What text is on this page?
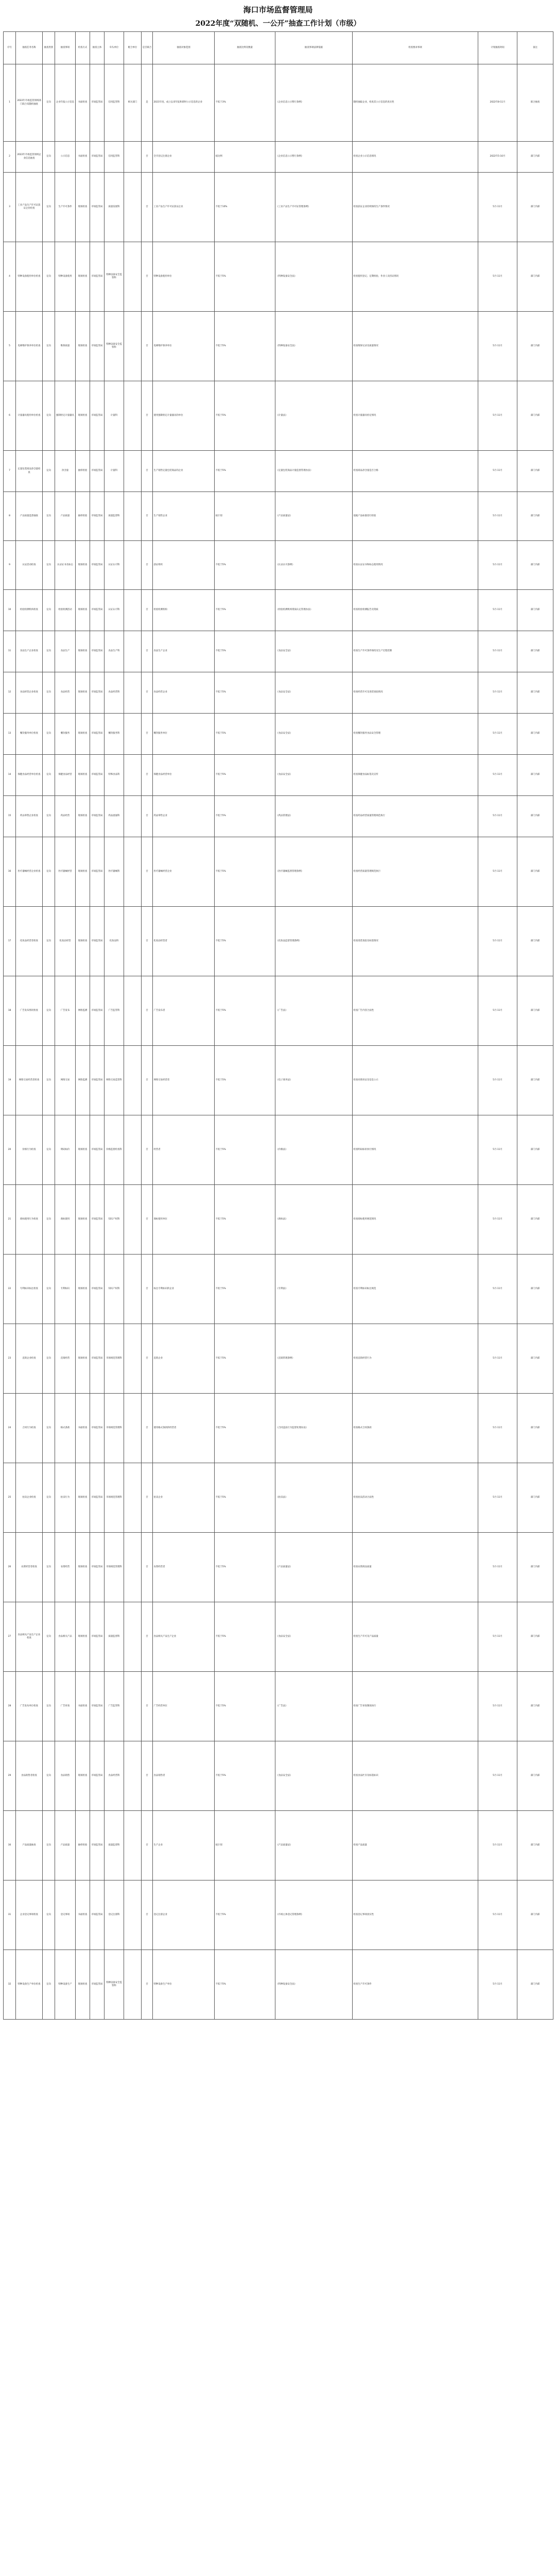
海口市场监督管理局
2022年度“双随机、一公开”抽查工作计划（市级）
序号	抽查任务名称	抽查类别	抽查事项	检查方式	抽查主体	牵头单位	配合单位	是否联合	抽查对象范围	抽查比例及数量	抽查事项法律依据	检查要求事项	计划抽查时间	备注
1	2022年市场监管领域部门联合双随机抽查	定向	企业年报公示信息	书面检查	市场监管局	信用监管科	相关部门	是	2021年度、成立以来年报和即时公示信息的企业	不低于3%	《企业信息公示暂行条例》	随机抽取企业，检查其公示信息的真实性	2022年8-11月	联合抽查
2	2022年市场监管领域企业信息抽查	定向	公示信息	书面检查	市场监管局	信用监管科		否	全市登记注册企业	按比例	《企业信息公示暂行条例》	检查企业公示信息情况	2022年5-10月	部门内部
3	工业产品生产许可证获证企业检查	定向	生产许可条件	现场检查	市场监管局	质量发展科		否	工业产品生产许可证获证企业	不低于10%	《工业产品生产许可证管理条例》	检查获证企业持续保持生产条件情况	5月-11月	部门内部
4	特种设备使用单位检查	定向	特种设备使用	现场检查	市场监管局	特种设备安全监察科		否	特种设备使用单位	不低于5%	《特种设备安全法》	检查使用登记、定期检验、作业人员持证情况	5月-11月	部门内部
5	电梯维护保养单位检查	定向	维保质量	现场检查	市场监管局	特种设备安全监察科		否	电梯维护保养单位	不低于5%	《特种设备安全法》	检查维保记录及质量情况	5月-11月	部门内部
6	计量器具使用单位检查	定向	强制检定计量器具	现场检查	市场监管局	计量科		否	使用强制检定计量器具的单位	不低于5%	《计量法》	检查计量器具检定情况	5月-11月	部门内部
7	定量包装商品净含量检查	定向	净含量	抽样检验	市场监管局	计量科		否	生产销售定量包装商品的企业	不低于5%	《定量包装商品计量监督管理办法》	检查商品净含量是否合格	5月-11月	部门内部
8	产品质量监督抽查	定向	产品质量	抽样检验	市场监管局	质量监督科		否	生产销售企业	按计划	《产品质量法》	依据产品标准进行检验	5月-11月	部门内部
9	认证活动检查	定向	认证证书及标志	现场检查	市场监管局	认证认可科		否	获证组织	不低于5%	《认证认可条例》	检查认证证书和标志使用情况	5月-11月	部门内部
10	检验检测机构检查	定向	检验检测活动	现场检查	市场监管局	认证认可科		否	检验检测机构	不低于5%	《检验检测机构资质认定管理办法》	检查检验检测报告及资质	5月-11月	部门内部
11	食品生产企业检查	定向	食品生产	现场检查	市场监管局	食品生产科		否	食品生产企业	不低于5%	《食品安全法》	检查生产许可条件保持及生产过程控制	5月-11月	部门内部
12	食品经营企业检查	定向	食品经营	现场检查	市场监管局	食品经营科		否	食品经营企业	不低于5%	《食品安全法》	检查经营许可及进货查验情况	5月-11月	部门内部
13	餐饮服务单位检查	定向	餐饮服务	现场检查	市场监管局	餐饮服务科		否	餐饮服务单位	不低于5%	《食品安全法》	检查餐饮服务食品安全管理	5月-11月	部门内部
14	保健食品经营单位检查	定向	保健食品经营	现场检查	市场监管局	特殊食品科		否	保健食品经营单位	不低于5%	《食品安全法》	检查保健食品标签及宣传	5月-11月	部门内部
15	药品零售企业检查	定向	药品经营	现场检查	市场监管局	药品流通科		否	药品零售企业	不低于5%	《药品管理法》	检查药品经营质量管理规范执行	5月-11月	部门内部
16	医疗器械经营企业检查	定向	医疗器械经营	现场检查	市场监管局	医疗器械科		否	医疗器械经营企业	不低于5%	《医疗器械监督管理条例》	检查经营质量管理规范执行	5月-11月	部门内部
17	化妆品经营者检查	定向	化妆品经营	现场检查	市场监管局	化妆品科		否	化妆品经营者	不低于5%	《化妆品监督管理条例》	检查进货查验及标签情况	5月-11月	部门内部
18	广告发布情况检查	定向	广告发布	网络监测	市场监管局	广告监管科		否	广告发布者	不低于5%	《广告法》	检查广告内容合法性	5月-11月	部门内部
19	网络交易经营者检查	定向	网络交易	网络监测	市场监管局	网络交易监管科		否	网络交易经营者	不低于5%	《电子商务法》	检查亮照亮证及信息公示	5月-11月	部门内部
20	价格行为检查	定向	明码标价	现场检查	市场监管局	价格监督检查科		否	经营者	不低于5%	《价格法》	检查明码标价执行情况	5月-11月	部门内部
21	商标使用行为检查	定向	商标使用	现场检查	市场监管局	知识产权科		否	商标使用单位	不低于5%	《商标法》	检查商标使用规范情况	5月-11月	部门内部
22	专利标识标注检查	定向	专利标识	现场检查	市场监管局	知识产权科		否	标注专利标识的企业	不低于5%	《专利法》	检查专利标识标注规范	5月-11月	部门内部
23	直销企业检查	定向	直销经营	现场检查	市场监管局	市场规范管理科		否	直销企业	不低于5%	《直销管理条例》	检查直销经营行为	5月-11月	部门内部
24	合同行为检查	定向	格式条款	书面检查	市场监管局	市场规范管理科		否	使用格式条款的经营者	不低于5%	《合同违法行为监督处理办法》	检查格式合同条款	5月-11月	部门内部
25	拍卖企业检查	定向	拍卖行为	现场检查	市场监管局	市场规范管理科		否	拍卖企业	不低于5%	《拍卖法》	检查拍卖活动合法性	5月-11月	部门内部
26	农资经营者检查	定向	农资经营	现场检查	市场监管局	市场规范管理科		否	农资经营者	不低于5%	《产品质量法》	检查农资商品质量	5月-11月	部门内部
27	食品相关产品生产企业检查	定向	食品相关产品	现场检查	市场监管局	质量监督科		否	食品相关产品生产企业	不低于5%	《食品安全法》	检查生产许可及产品质量	5月-11月	部门内部
28	广告发布单位检查	定向	广告审查	书面检查	市场监管局	广告监管科		否	广告经营单位	不低于5%	《广告法》	检查广告审查制度执行	5月-11月	部门内部
29	食品销售者检查	定向	食品销售	现场检查	市场监管局	食品经营科		否	食品销售者	不低于5%	《食品安全法》	检查食品贮存及标签标识	5月-11月	部门内部
30	产品质量抽查	定向	产品质量	抽样检验	市场监管局	质量监督科		否	生产企业	按计划	《产品质量法》	检查产品质量	5月-11月	部门内部
31	企业登记事项检查	定向	登记事项	书面检查	市场监管局	登记注册科		否	登记注册企业	不低于5%	《市场主体登记管理条例》	检查登记事项真实性	5月-11月	部门内部
32	特种设备生产单位检查	定向	特种设备生产	现场检查	市场监管局	特种设备安全监察科		否	特种设备生产单位	不低于5%	《特种设备安全法》	检查生产许可条件	5月-11月	部门内部
